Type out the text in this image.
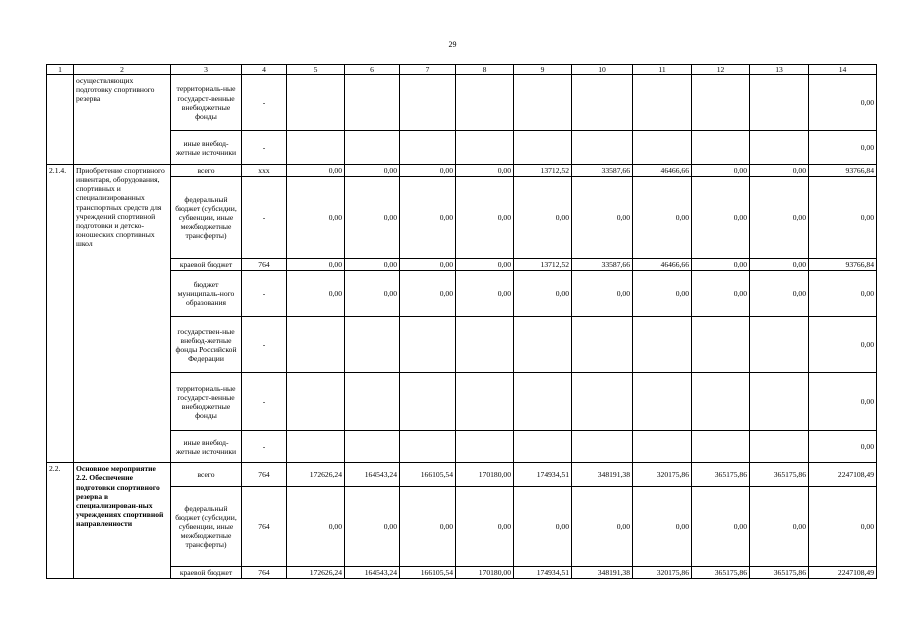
29
1	2	3	4	5	6	7	8	9	10	11	12	13	14
	осуществляющих подготовку спортивного резерва	территориаль-ные государст-венные внебюджетные фонды	-										0,00
		иные внебюд-жетные источники	-										0,00
2.1.4.	Приобретение спортивного инвентаря, оборудования, спортивных и специализированных транспортных средств для учреждений спортивной подготовки и детско-юношеских спортивных школ	всего	ххх	0,00	0,00	0,00	0,00	13712,52	33587,66	46466,66	0,00	0,00	93766,84
		федеральный бюджет (субсидии, субвенции, иные межбюджетные трансферты)	-	0,00	0,00	0,00	0,00	0,00	0,00	0,00	0,00	0,00	0,00
		краевой бюджет	764	0,00	0,00	0,00	0,00	13712,52	33587,66	46466,66	0,00	0,00	93766,84
		бюджет муниципаль-ного образования	-	0,00	0,00	0,00	0,00	0,00	0,00	0,00	0,00	0,00	0,00
		государствен-ные внебюд-жетные фонды Российской Федерации	-										0,00
		территориаль-ные государст-венные внебюджетные фонды	-										0,00
		иные внебюд-жетные источники	-										0,00
2.2.	Основное мероприятие 2.2. Обеспечение подготовки спортивного резерва в специализирован-ных учреждениях спортивной направленности	всего	764	172626,24	164543,24	166105,54	170180,00	174934,51	348191,38	320175,86	365175,86	365175,86	2247108,49
		федеральный бюджет (субсидии, субвенции, иные межбюджетные трансферты)	764	0,00	0,00	0,00	0,00	0,00	0,00	0,00	0,00	0,00	0,00
		краевой бюджет	764	172626,24	164543,24	166105,54	170180,00	174934,51	348191,38	320175,86	365175,86	365175,86	2247108,49
